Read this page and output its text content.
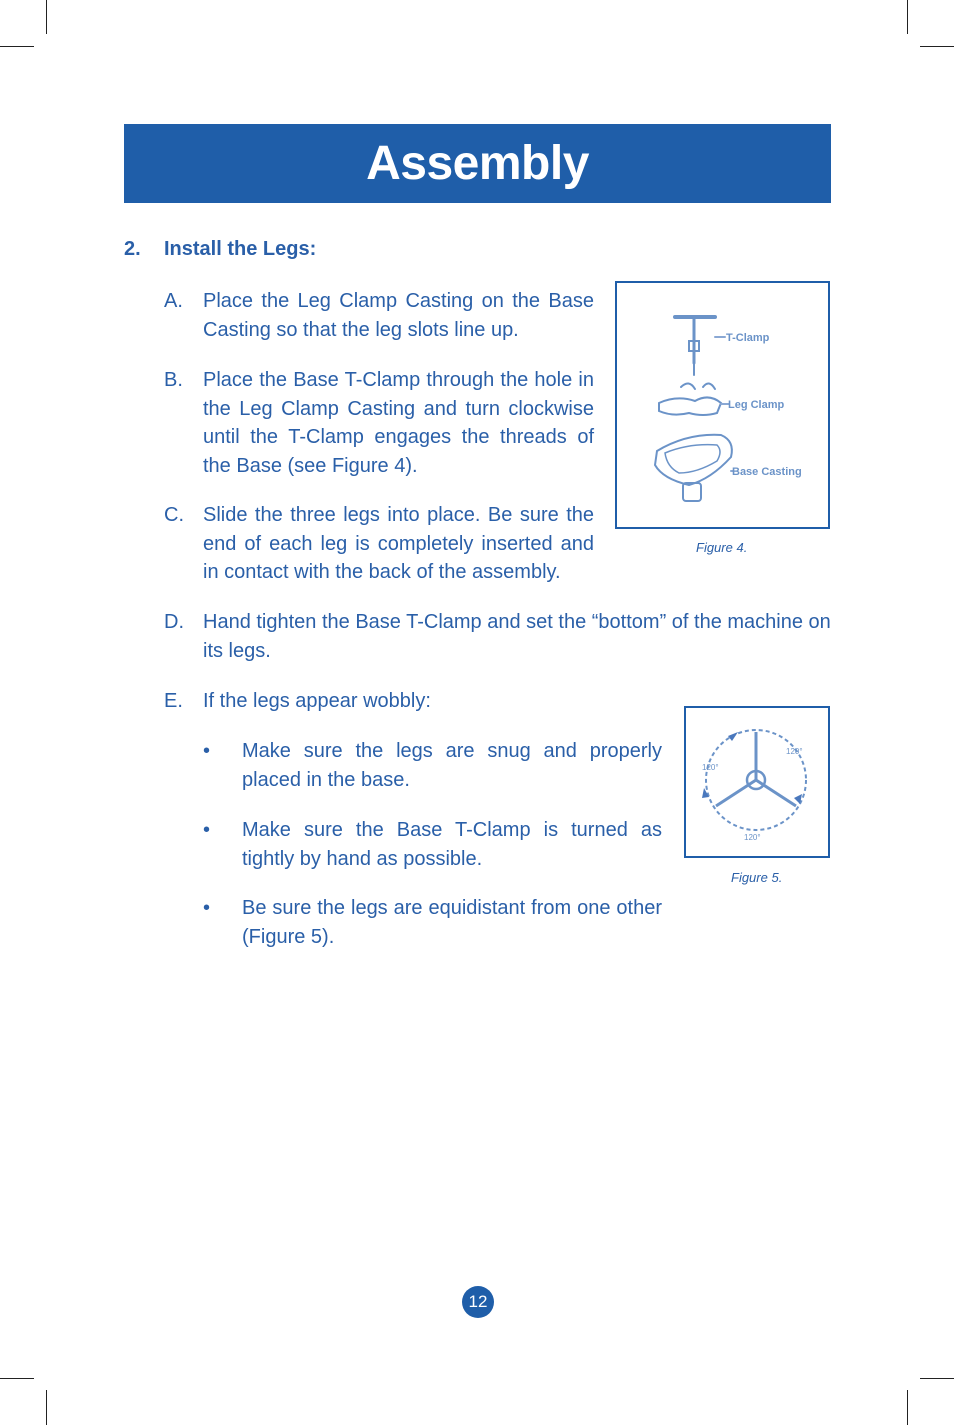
Assembly
2. Install the Legs:
A. Place the Leg Clamp Casting on the Base Casting so that the leg slots line up.
B. Place the Base T-Clamp through the hole in the Leg Clamp Casting and turn clockwise until the T-Clamp engages the threads of the Base (see Figure 4).
C. Slide the three legs into place. Be sure the end of each leg is completely inserted and in contact with the back of the assembly.
D. Hand tighten the Base T-Clamp and set the “bottom” of the machine on its legs.
E. If the legs appear wobbly:
• Make sure the legs are snug and properly placed in the base.
• Make sure the Base T-Clamp is turned as tightly by hand as possible.
• Be sure the legs are equidistant from one other (Figure 5).
T-Clamp
Leg Clamp
Base Casting
Figure 4.
120°
120°
120°
Figure 5.
12
